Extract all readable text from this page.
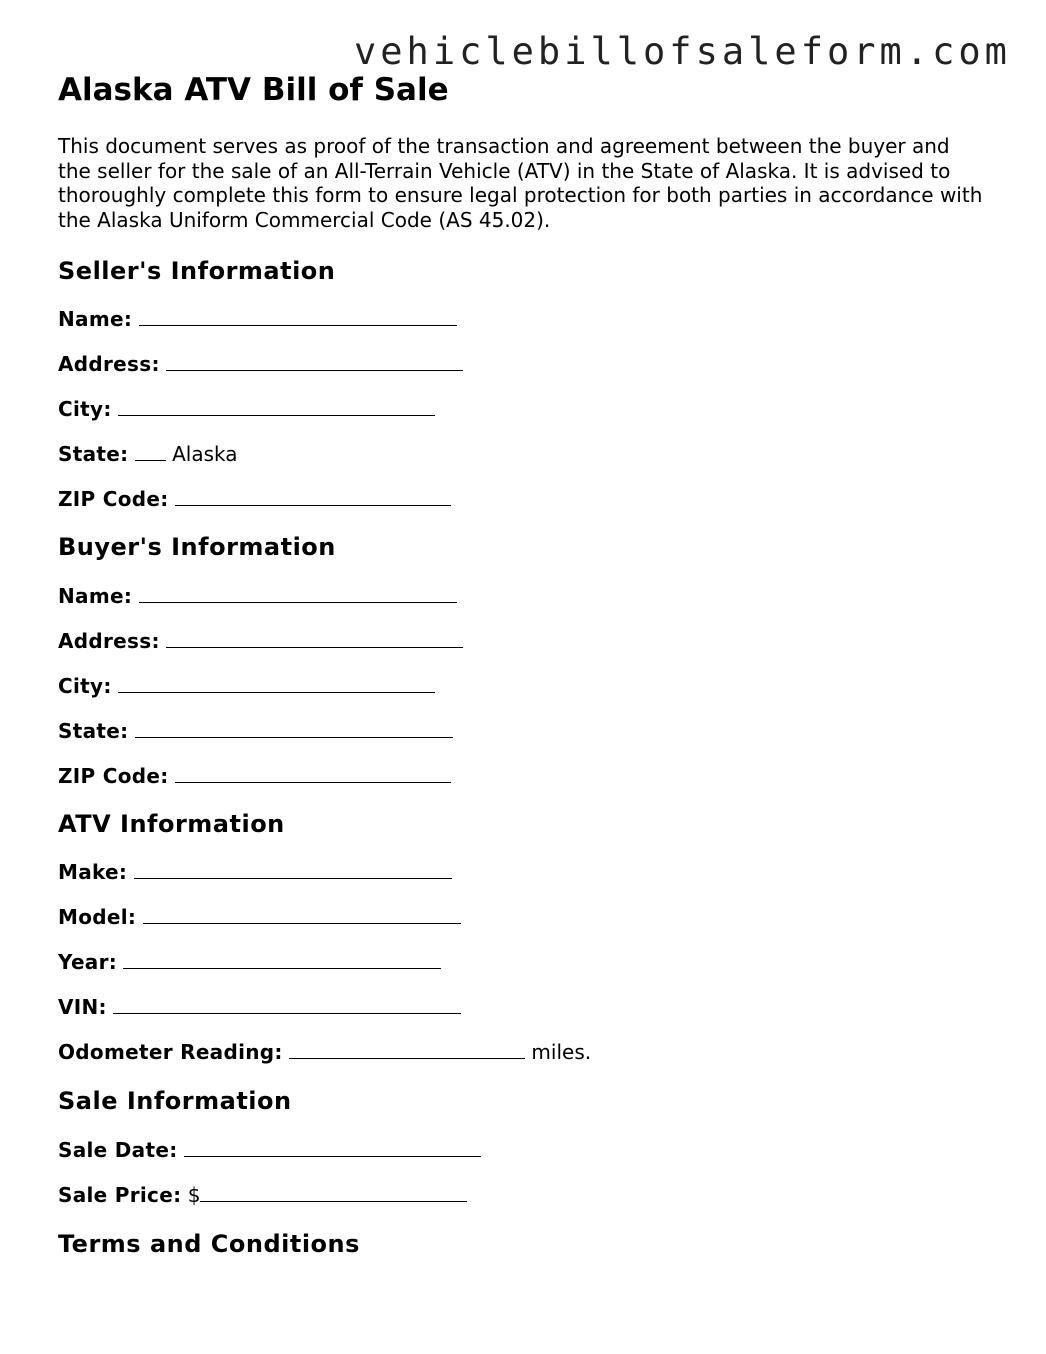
vehiclebillofsaleform.com
Alaska ATV Bill of Sale

This document serves as proof of the transaction and agreement between the buyer and the seller for the sale of an All-Terrain Vehicle (ATV) in the State of Alaska. It is advised to thoroughly complete this form to ensure legal protection for both parties in accordance with the Alaska Uniform Commercial Code (AS 45.02).

Seller's Information

Name:

Address:

City:

State: Alaska

ZIP Code:

Buyer's Information

Name:

Address:

City:

State:

ZIP Code:

ATV Information

Make:

Model:

Year:

VIN:

Odometer Reading:	miles.

Sale Information

Sale Date:

Sale Price: $

Terms and Conditions
